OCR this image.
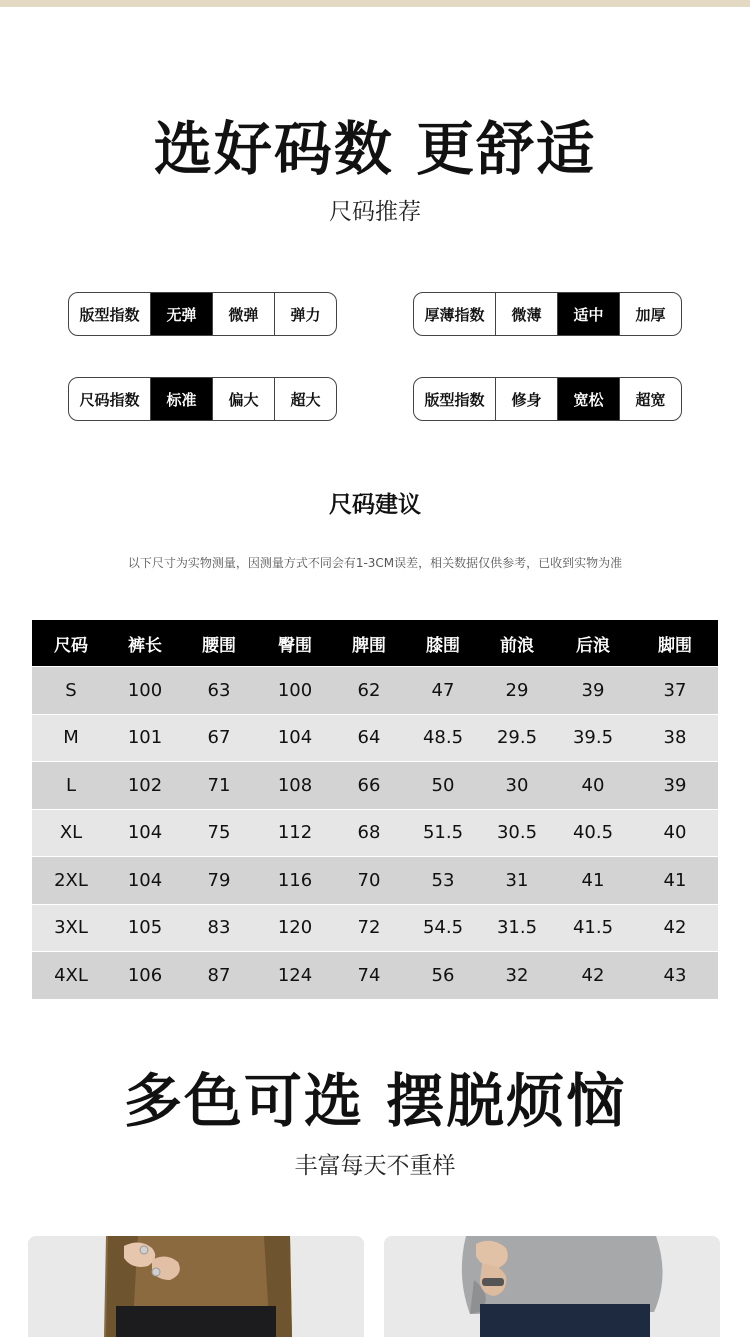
选好码数 更舒适
尺码推荐
版型指数	无弹	微弹	弹力	厚薄指数	微薄	适中	加厚
尺码指数	标准	偏大	超大	版型指数	修身	宽松	超宽
尺码建议
以下尺寸为实物测量，因测量方式不同会有1-3CM误差，相关数据仅供参考，已收到实物为准
尺码	裤长	腰围	臀围	脾围	膝围	前浪	后浪	脚围
S	100	63	100	62	47	29	39	37
M	101	67	104	64	48.5	29.5	39.5	38
L	102	71	108	66	50	30	40	39
XL	104	75	112	68	51.5	30.5	40.5	40
2XL	104	79	116	70	53	31	41	41
3XL	105	83	120	72	54.5	31.5	41.5	42
4XL	106	87	124	74	56	32	42	43
多色可选 摆脱烦恼
丰富每天不重样
